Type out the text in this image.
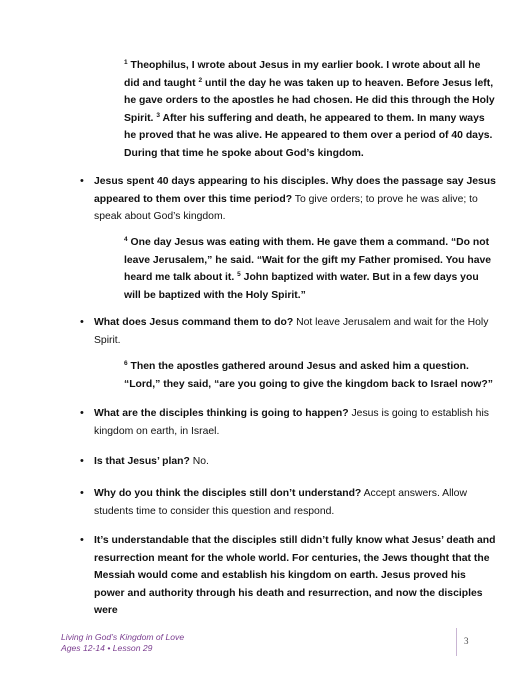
$^1$ Theophilus, I wrote about Jesus in my earlier book. I wrote about all he did and taught $^2$ until the day he was taken up to heaven. Before Jesus left, he gave orders to the apostles he had chosen. He did this through the Holy Spirit. $^3$ After his suffering and death, he appeared to them. In many ways he proved that he was alive. He appeared to them over a period of 40 days. During that time he spoke about God’s kingdom.

• Jesus spent 40 days appearing to his disciples. Why does the passage say Jesus appeared to them over this time period? To give orders; to prove he was alive; to speak about God’s kingdom.

$^4$ One day Jesus was eating with them. He gave them a command. “Do not leave Jerusalem,” he said. “Wait for the gift my Father promised. You have heard me talk about it. $^5$ John baptized with water. But in a few days you will be baptized with the Holy Spirit.”

• What does Jesus command them to do? Not leave Jerusalem and wait for the Holy Spirit.

$^6$ Then the apostles gathered around Jesus and asked him a question. “Lord,” they said, “are you going to give the kingdom back to Israel now?”

• What are the disciples thinking is going to happen? Jesus is going to establish his kingdom on earth, in Israel.
• Is that Jesus’ plan? No.
• Why do you think the disciples still don’t understand? Accept answers. Allow students time to consider this question and respond.
• It’s understandable that the disciples still didn’t fully know what Jesus’ death and resurrection meant for the whole world. For centuries, the Jews thought that the Messiah would come and establish his kingdom on earth. Jesus proved his power and authority through his death and resurrection, and now the disciples were
Living in God’s Kingdom of Love
Ages 12-14 • Lesson 29
3
